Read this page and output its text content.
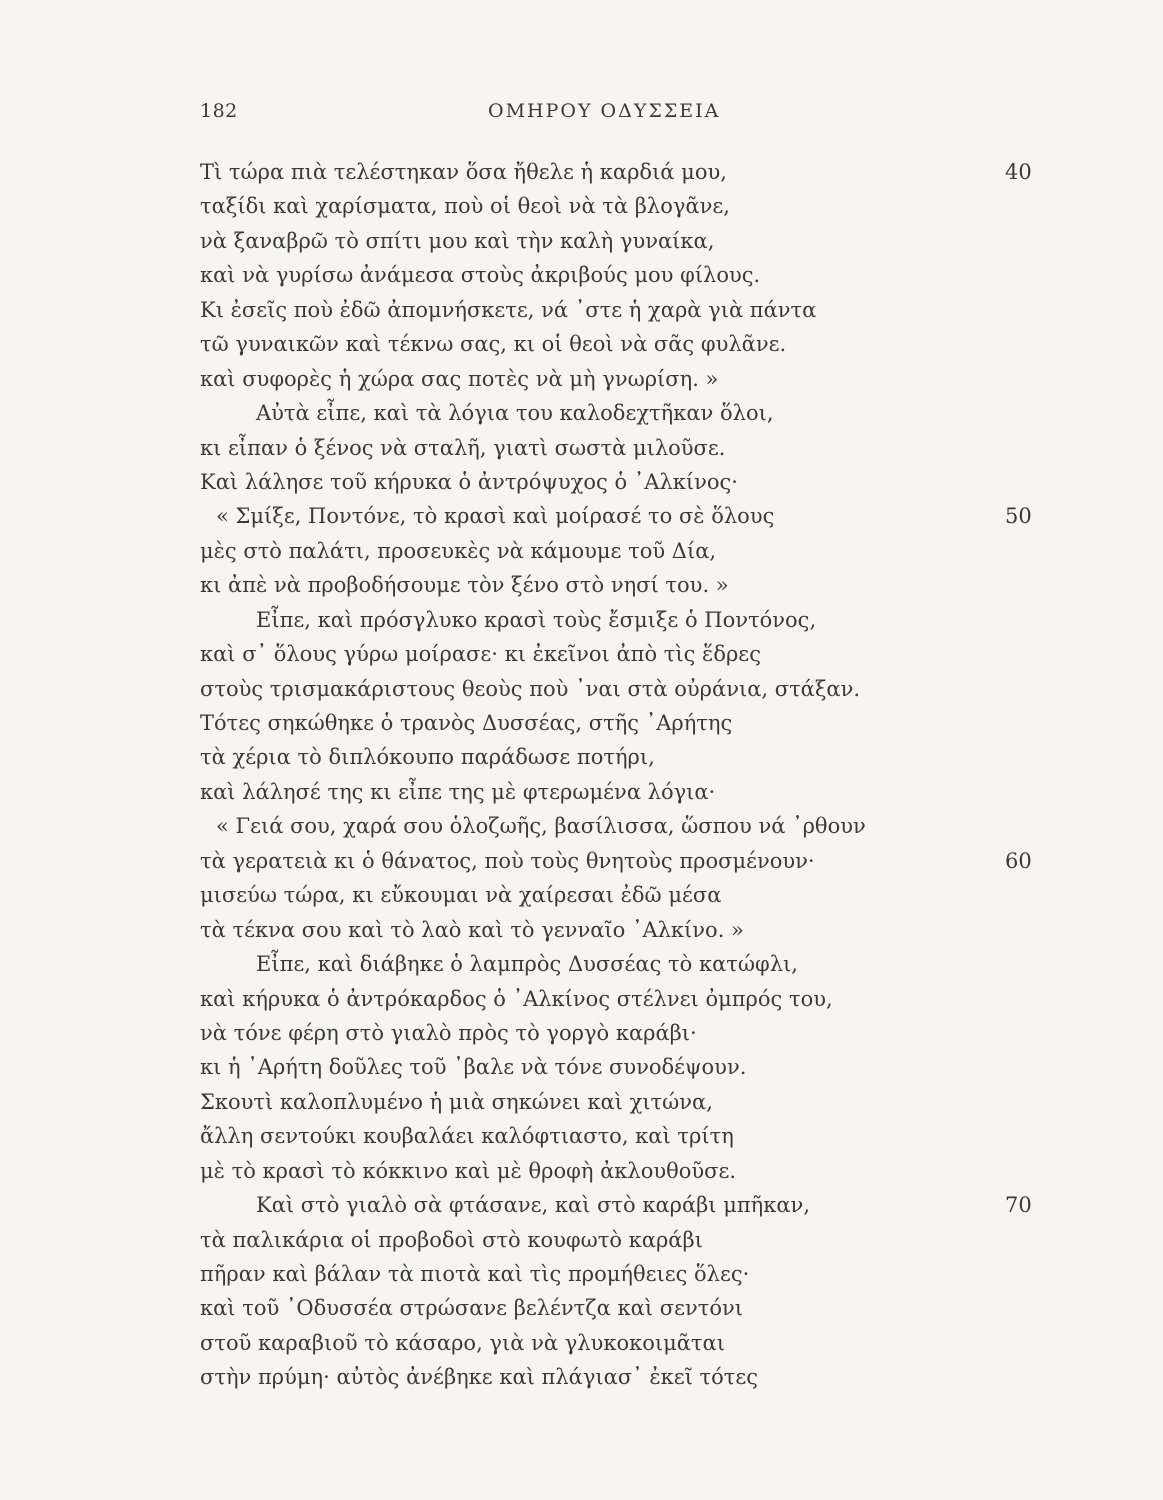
182	ΟΜΗΡΟΥ ΟΔΥΣΣΕΙΑ
Τὶ τώρα πιὰ τελέστηκαν ὅσα ἤθελε ἡ καρδιά μου,	40
ταξίδι καὶ χαρίσματα, ποὺ οἱ θεοὶ νὰ τὰ βλογᾶνε,
νὰ ξαναβρῶ τὸ σπίτι μου καὶ τὴν καλὴ γυναίκα,
καὶ νὰ γυρίσω ἀνάμεσα στοὺς ἀκριβούς μου φίλους.
Κι ἐσεῖς ποὺ ἐδῶ ἀπομνήσκετε, νά ᾿στε ἡ χαρὰ γιὰ πάντα
τῶ γυναικῶν καὶ τέκνω σας, κι οἱ θεοὶ νὰ σᾶς φυλᾶνε.
καὶ συφορὲς ἡ χώρα σας ποτὲς νὰ μὴ γνωρίση. »
Αὐτὰ εἶπε, καὶ τὰ λόγια του καλοδεχτῆκαν ὅλοι,
κι εἶπαν ὁ ξένος νὰ σταλῆ, γιατὶ σωστὰ μιλοῦσε.
Καὶ λάλησε τοῦ κήρυκα ὁ ἀντρόψυχος ὁ ᾿Αλκίνος·
« Σμίξε, Ποντόνε, τὸ κρασὶ καὶ μοίρασέ το σὲ ὅλους	50
μὲς στὸ παλάτι, προσευκὲς νὰ κάμουμε τοῦ Δία,
κι ἀπὲ νὰ προβοδήσουμε τὸν ξένο στὸ νησί του. »
Εἶπε, καὶ πρόσγλυκο κρασὶ τοὺς ἔσμιξε ὁ Ποντόνος,
καὶ σ᾿ ὅλους γύρω μοίρασε· κι ἐκεῖνοι ἀπὸ τὶς ἕδρες
στοὺς τρισμακάριστους θεοὺς ποὺ ᾿ναι στὰ οὐράνια, στάξαν.
Τότες σηκώθηκε ὁ τρανὸς Δυσσέας, στῆς ᾿Αρήτης
τὰ χέρια τὸ διπλόκουπο παράδωσε ποτήρι,
καὶ λάλησέ της κι εἶπε της μὲ φτερωμένα λόγια·
« Γειά σου, χαρά σου ὁλοζωῆς, βασίλισσα, ὥσπου νά ᾿ρθουν
τὰ γερατειὰ κι ὁ θάνατος, ποὺ τοὺς θνητοὺς προσμένουν·	60
μισεύω τώρα, κι εὔκουμαι νὰ χαίρεσαι ἐδῶ μέσα
τὰ τέκνα σου καὶ τὸ λαὸ καὶ τὸ γενναῖο ᾿Αλκίνο. »
Εἶπε, καὶ διάβηκε ὁ λαμπρὸς Δυσσέας τὸ κατώφλι,
καὶ κήρυκα ὁ ἀντρόκαρδος ὁ ᾿Αλκίνος στέλνει ὀμπρός του,
νὰ τόνε φέρη στὸ γιαλὸ πρὸς τὸ γοργὸ καράβι·
κι ἡ ᾿Αρήτη δοῦλες τοῦ ᾿βαλε νὰ τόνε συνοδέψουν.
Σκουτὶ καλοπλυμένο ἡ μιὰ σηκώνει καὶ χιτώνα,
ἄλλη σεντούκι κουβαλάει καλόφτιαστο, καὶ τρίτη
μὲ τὸ κρασὶ τὸ κόκκινο καὶ μὲ θροφὴ ἀκλουθοῦσε.
Καὶ στὸ γιαλὸ σὰ φτάσανε, καὶ στὸ καράβι μπῆκαν,	70
τὰ παλικάρια οἱ προβοδοὶ στὸ κουφωτὸ καράβι
πῆραν καὶ βάλαν τὰ πιοτὰ καὶ τὶς προμήθειες ὅλες·
καὶ τοῦ ᾿Οδυσσέα στρώσανε βελέντζα καὶ σεντόνι
στοῦ καραβιοῦ τὸ κάσαρο, γιὰ νὰ γλυκοκοιμᾶται
στὴν πρύμη· αὐτὸς ἀνέβηκε καὶ πλάγιασ᾿ ἐκεῖ τότες
